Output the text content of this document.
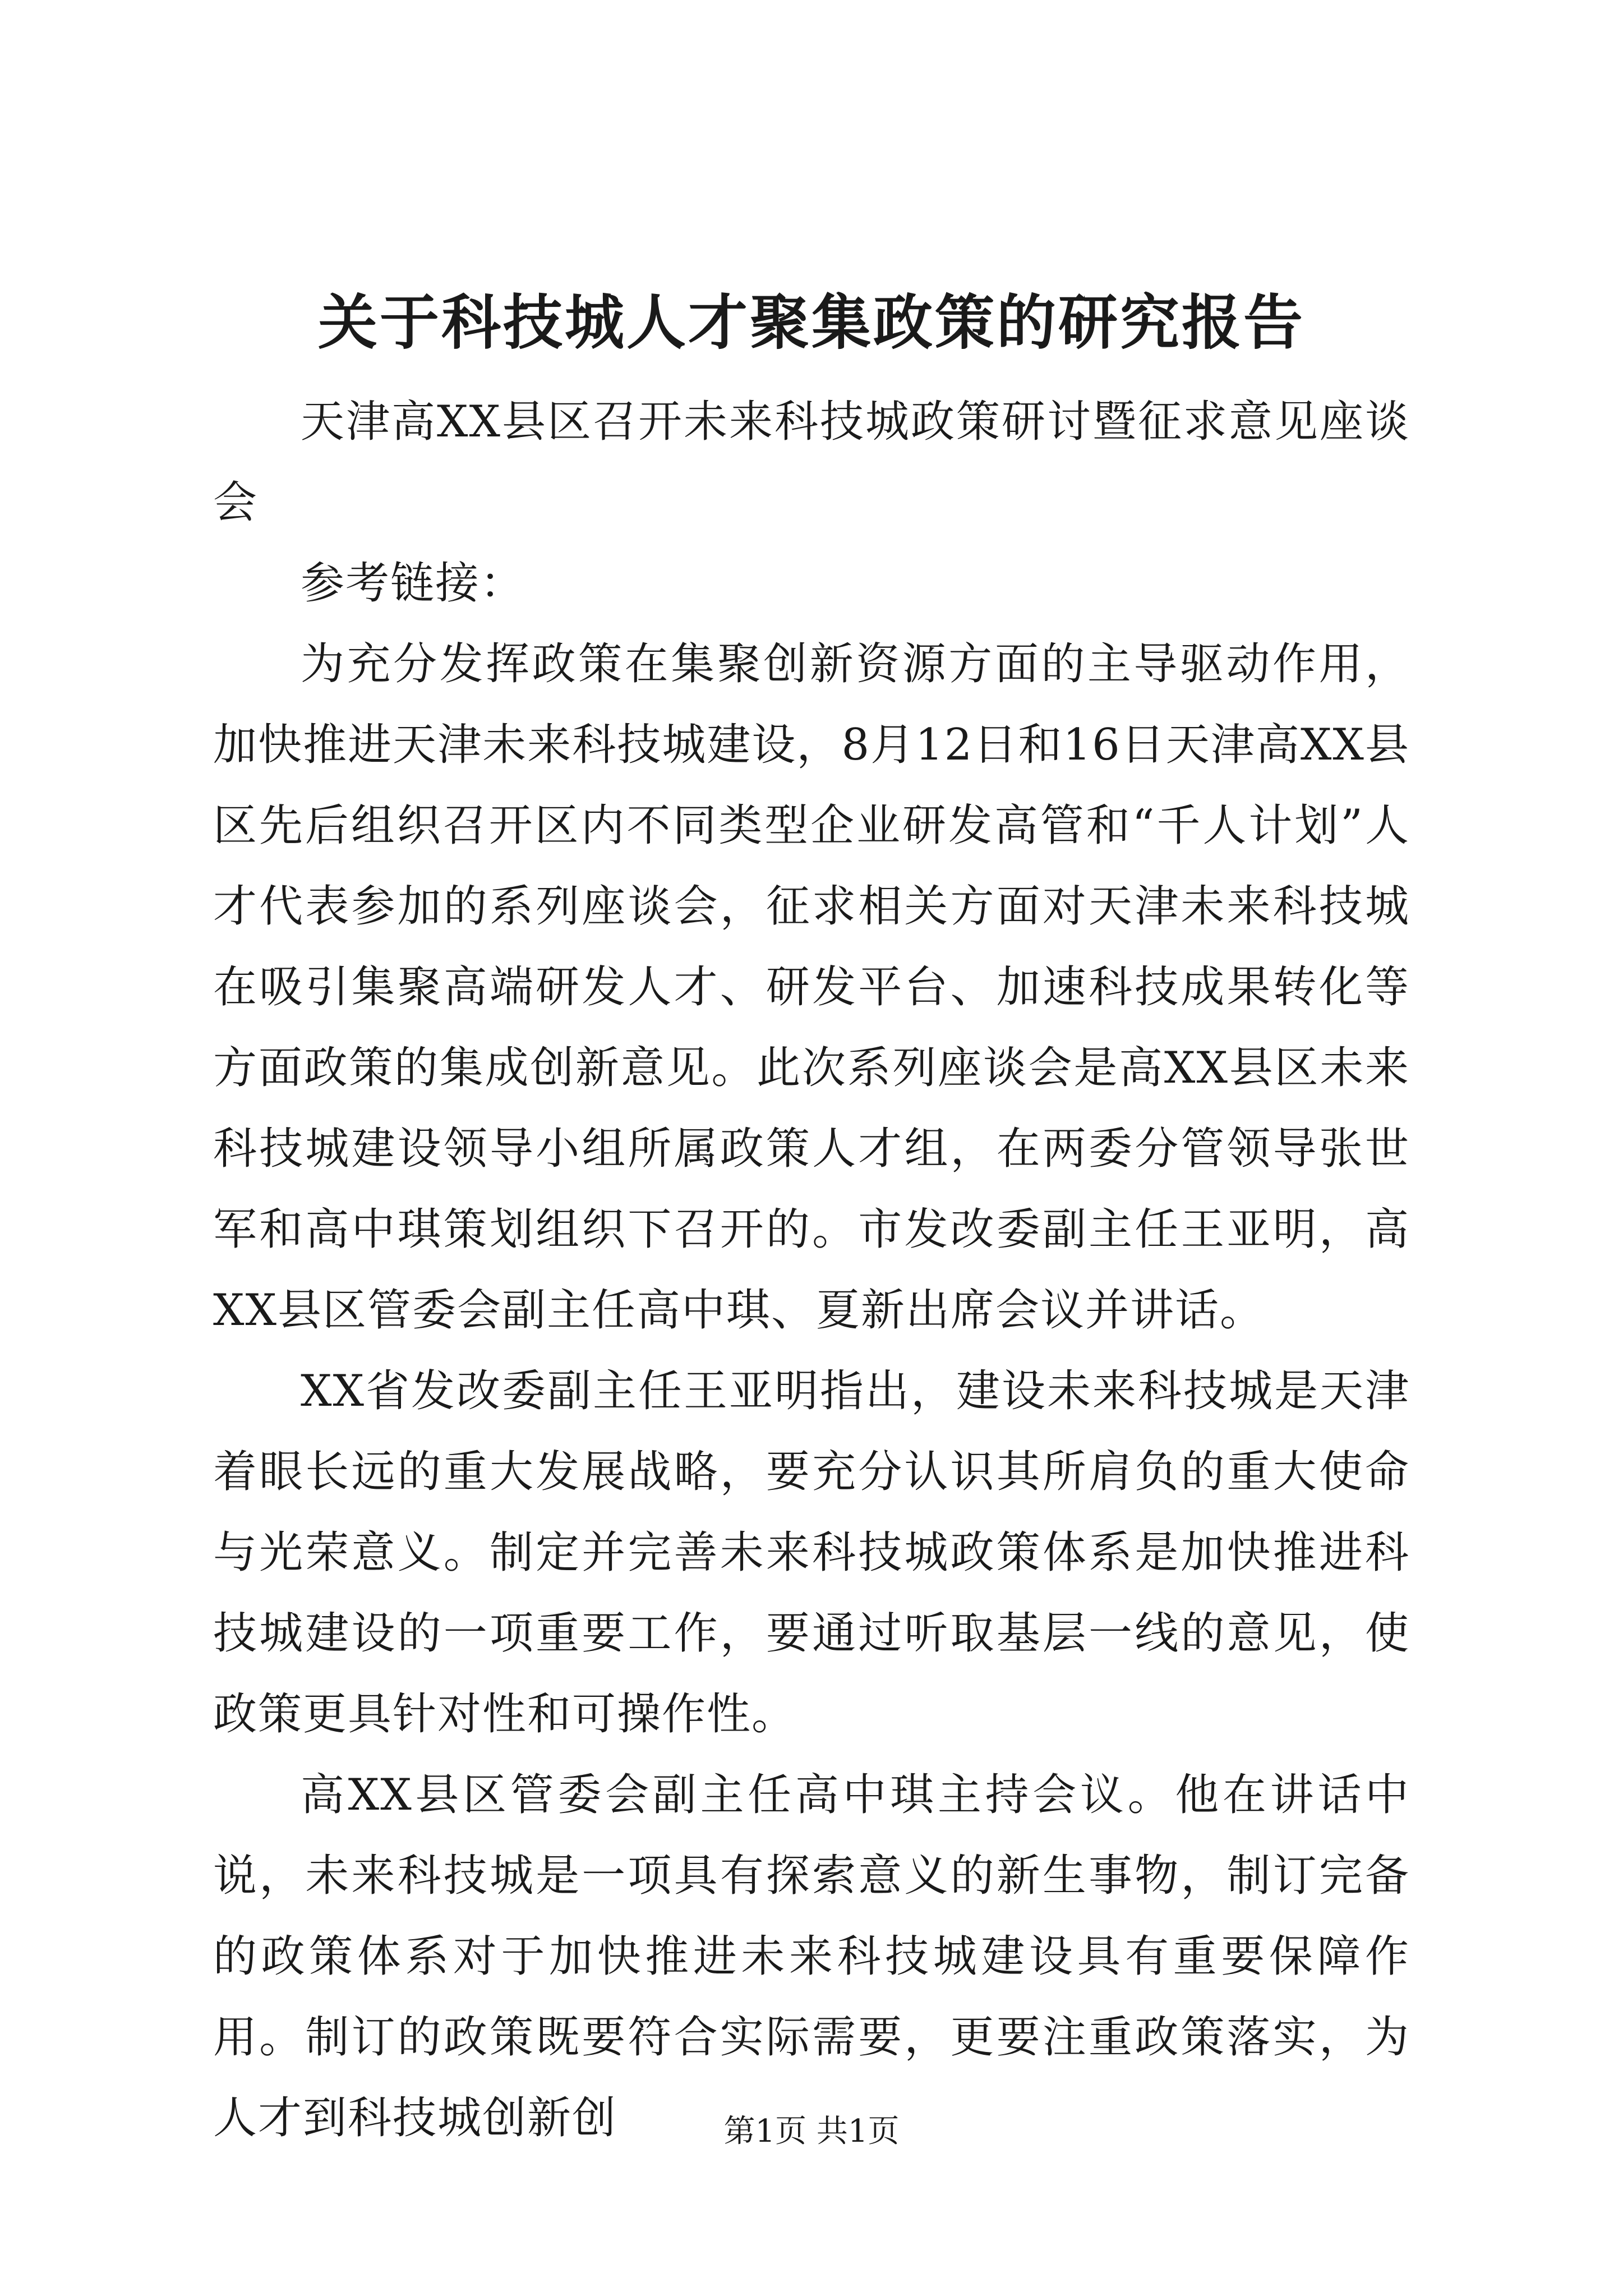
关于科技城人才聚集政策的研究报告

天津高XX县区召开未来科技城政策研讨暨征求意见座谈会

参考链接：

为充分发挥政策在集聚创新资源方面的主导驱动作用，加快推进天津未来科技城建设，8月12日和16日天津高XX县区先后组织召开区内不同类型企业研发高管和“千人计划”人才代表参加的系列座谈会，征求相关方面对天津未来科技城在吸引集聚高端研发人才、研发平台、加速科技成果转化等方面政策的集成创新意见。此次系列座谈会是高XX县区未来科技城建设领导小组所属政策人才组，在两委分管领导张世军和高中琪策划组织下召开的。市发改委副主任王亚明，高XX县区管委会副主任高中琪、夏新出席会议并讲话。

XX省发改委副主任王亚明指出，建设未来科技城是天津着眼长远的重大发展战略，要充分认识其所肩负的重大使命与光荣意义。制定并完善未来科技城政策体系是加快推进科技城建设的一项重要工作，要通过听取基层一线的意见，使政策更具针对性和可操作性。

高XX县区管委会副主任高中琪主持会议。他在讲话中说，未来科技城是一项具有探索意义的新生事物，制订完备的政策体系对于加快推进未来科技城建设具有重要保障作用。制订的政策既要符合实际需要，更要注重政策落实，为人才到科技城创新创	第1页 共1页
